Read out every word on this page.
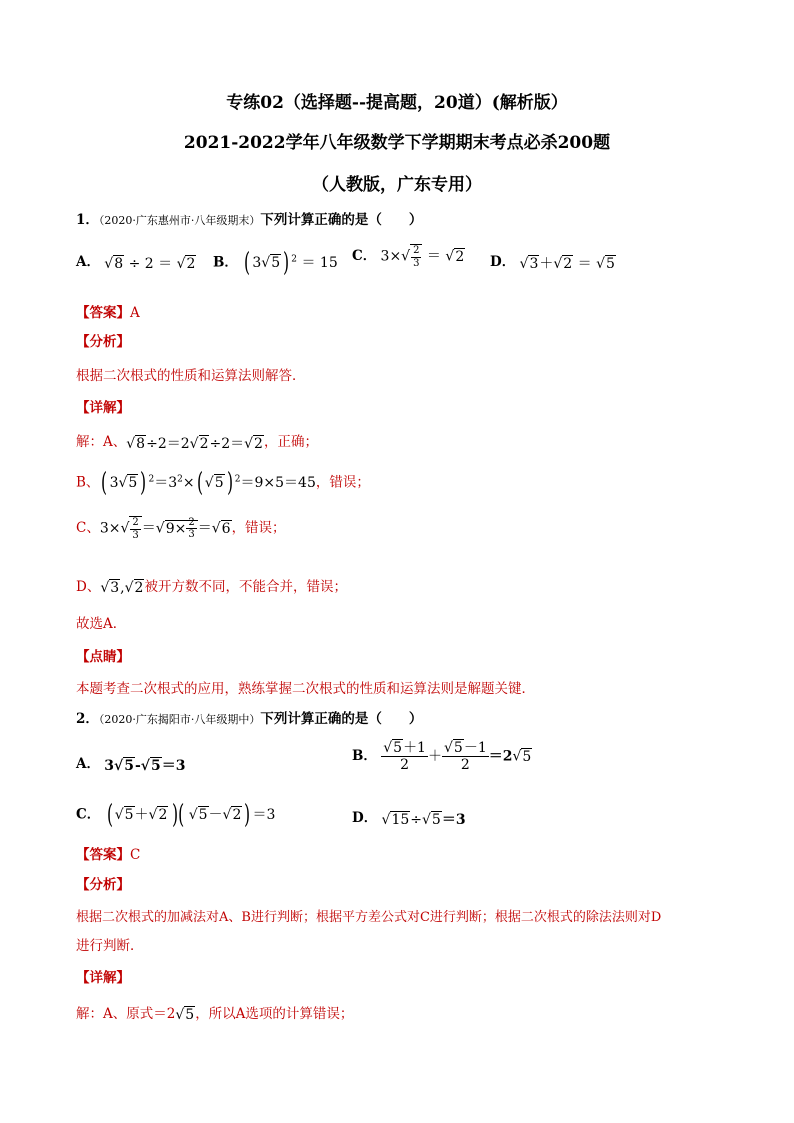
专练02（选择题--提高题，20道）(解析版）
2021-2022学年八年级数学下学期期末考点必杀200题
（人教版，广东专用）
1．（2020·广东惠州市·八年级期末）下列计算正确的是（　　）
A． √8 ÷ 2 ＝ √2 B． ( 3√5 ) $^2$ ＝ 15 C． $3\times√ \frac{2}{3} = √2$ D． √3＋√2 ＝ √5
【答案】A
【分析】
根据二次根式的性质和运算法则解答．
【详解】
解：A、√8÷2＝2√2÷2＝√2，正确；
B、( 3√5 ) $^2=3^2\times$( √5 ) $^2$＝9×5＝45，错误；
C、$3\times√ \frac{2}{3} =√9\times \frac{2}{3} =√6$，错误；
D、√3,√2被开方数不同，不能合并，错误；
故选A．
【点睛】
本题考查二次根式的应用，熟练掌握二次根式的性质和运算法则是解题关键．
2．（2020·广东揭阳市·八年级期中）下列计算正确的是（　　）
A． 3√5-√5＝3
B． $\frac{√5+1}{2} + \frac{√5-1}{2} =2√5$
C． ( √5＋√2 )( √5－√2 ) ＝3	D． √15÷√5＝3
【答案】C
【分析】
根据二次根式的加减法对A、B进行判断；根据平方差公式对C进行判断；根据二次根式的除法法则对D
进行判断．
【详解】
解：A、原式＝2√5，所以A选项的计算错误；
